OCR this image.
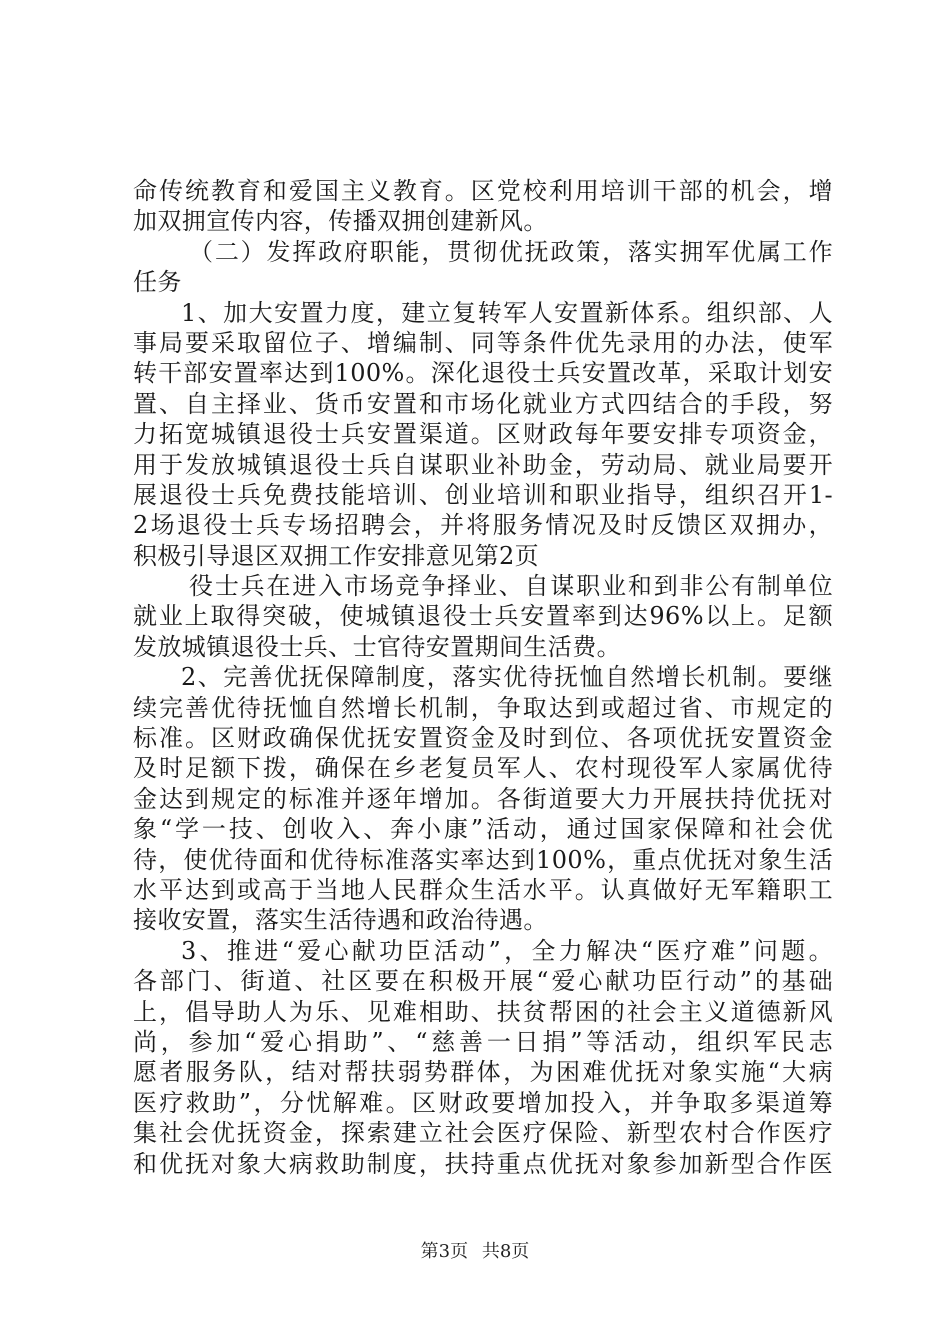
命传统教育和爱国主义教育。区党校利用培训干部的机会，增
加双拥宣传内容，传播双拥创建新风。
（二）发挥政府职能，贯彻优抚政策，落实拥军优属工作
任务
1、加大安置力度，建立复转军人安置新体系。组织部、人
事局要采取留位子、增编制、同等条件优先录用的办法，使军
转干部安置率达到100%。深化退役士兵安置改革，采取计划安
置、自主择业、货币安置和市场化就业方式四结合的手段，努
力拓宽城镇退役士兵安置渠道。区财政每年要安排专项资金，
用于发放城镇退役士兵自谋职业补助金，劳动局、就业局要开
展退役士兵免费技能培训、创业培训和职业指导，组织召开1-
2场退役士兵专场招聘会，并将服务情况及时反馈区双拥办，
积极引导退区双拥工作安排意见第2页
役士兵在进入市场竞争择业、自谋职业和到非公有制单位
就业上取得突破，使城镇退役士兵安置率到达96%以上。足额
发放城镇退役士兵、士官待安置期间生活费。
2、完善优抚保障制度，落实优待抚恤自然增长机制。要继
续完善优待抚恤自然增长机制，争取达到或超过省、市规定的
标准。区财政确保优抚安置资金及时到位、各项优抚安置资金
及时足额下拨，确保在乡老复员军人、农村现役军人家属优待
金达到规定的标准并逐年增加。各街道要大力开展扶持优抚对
象“学一技、创收入、奔小康”活动，通过国家保障和社会优
待，使优待面和优待标准落实率达到100%，重点优抚对象生活
水平达到或高于当地人民群众生活水平。认真做好无军籍职工
接收安置，落实生活待遇和政治待遇。
3、推进“爱心献功臣活动”，全力解决“医疗难”问题。
各部门、街道、社区要在积极开展“爱心献功臣行动”的基础
上，倡导助人为乐、见难相助、扶贫帮困的社会主义道德新风
尚，参加“爱心捐助”、“慈善一日捐”等活动，组织军民志
愿者服务队，结对帮扶弱势群体，为困难优抚对象实施“大病
医疗救助”，分忧解难。区财政要增加投入，并争取多渠道筹
集社会优抚资金，探索建立社会医疗保险、新型农村合作医疗
和优抚对象大病救助制度，扶持重点优抚对象参加新型合作医
第3页 共8页
